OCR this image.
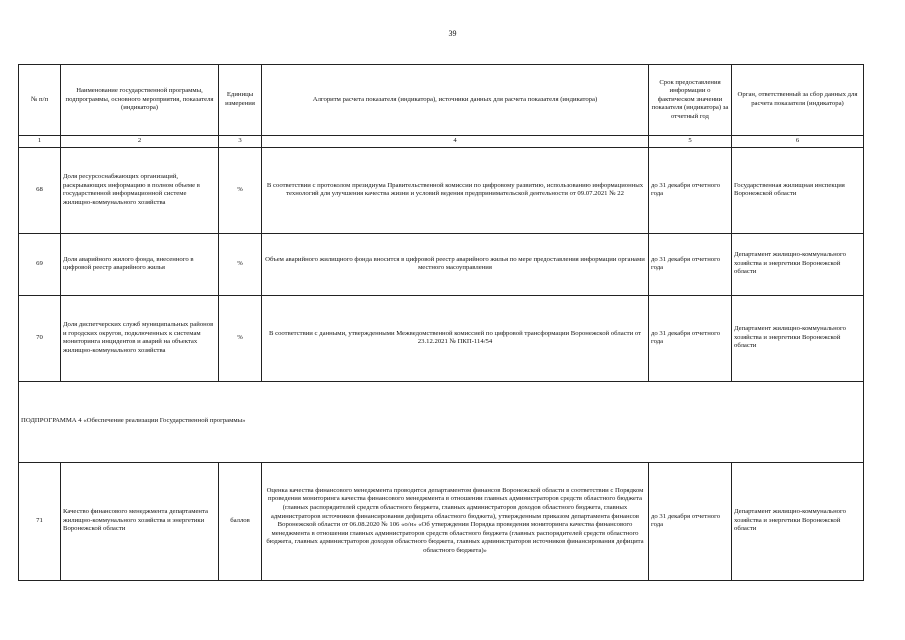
39
№ п/п	Наименование государственной программы, подпрограммы, основного мероприятия, показателя (индикатора)	Единицы измерения	Алгоритм расчета показателя (индикатора), источники данных для расчета показателя (индикатора)	Срок предоставления информации о фактическом значении показателя (индикатора) за отчетный год	Орган, ответственный за сбор данных для расчета показателя (индикатора)
1	2	3	4	5	6
68	Доля ресурсоснабжающих организаций, раскрывающих информацию в полном объеме в государственной информационной системе жилищно-коммунального хозяйства	%	В соответствии с протоколом президиума Правительственной комиссии по цифровому развитию, использованию информационных технологий для улучшения качества жизни и условий ведения предпринимательской деятельности от 09.07.2021 № 22	до 31 декабря отчетного года	Государственная жилищная инспекция Воронежской области
69	Доля аварийного жилого фонда, внесенного в цифровой реестр аварийного жилья	%	Объем аварийного жилищного фонда вносится в цифровой реестр аварийного жилья по мере предоставления информации органами местного масоуправления	до 31 декабря отчетного года	Департамент жилищно-коммунального хозяйства и энергетики Воронежской области
70	Доля диспетчерских служб муниципальных районов и городских округов, подключенных к системам мониторинга инцидентов и аварий на объектах жилищно-коммунального хозяйства	%	В соответствии с данными, утвержденными Межведомственной комиссией по цифровой трансформации Воронежской области от 23.12.2021 № ПКП-114/54	до 31 декабря отчетного года	Департамент жилищно-коммунального хозяйства и энергетики Воронежской области
ПОДПРОГРАММА 4 «Обеспечение реализации Государственной программы»					
71	Качество финансового менеджмента департамента жилищно-коммунального хозяйства и энергетики Воронежской области	баллов	Оценка качества финансового менеджмента проводится департаментом финансов Воронежской области в соответствии с Порядком проведения мониторинга качества финансового менеджмента в отношении главных администраторов средств областного бюджета (главных распорядителей средств областного бюджета, главных администраторов доходов областного бюджета, главных администраторов источников финансирования дефицита областного бюджета), утвержденным приказом департамента финансов Воронежской области от 06.08.2020 № 106 «о/н» «Об утверждении Порядка проведения мониторинга качества финансового менеджмента в отношении главных администраторов средств областного бюджета (главных распорядителей средств областного бюджета, главных администраторов доходов областного бюджета, главных администраторов источников финансирования дефицита областного бюджета)»	до 31 декабря отчетного года	Департамент жилищно-коммунального хозяйства и энергетики Воронежской области
